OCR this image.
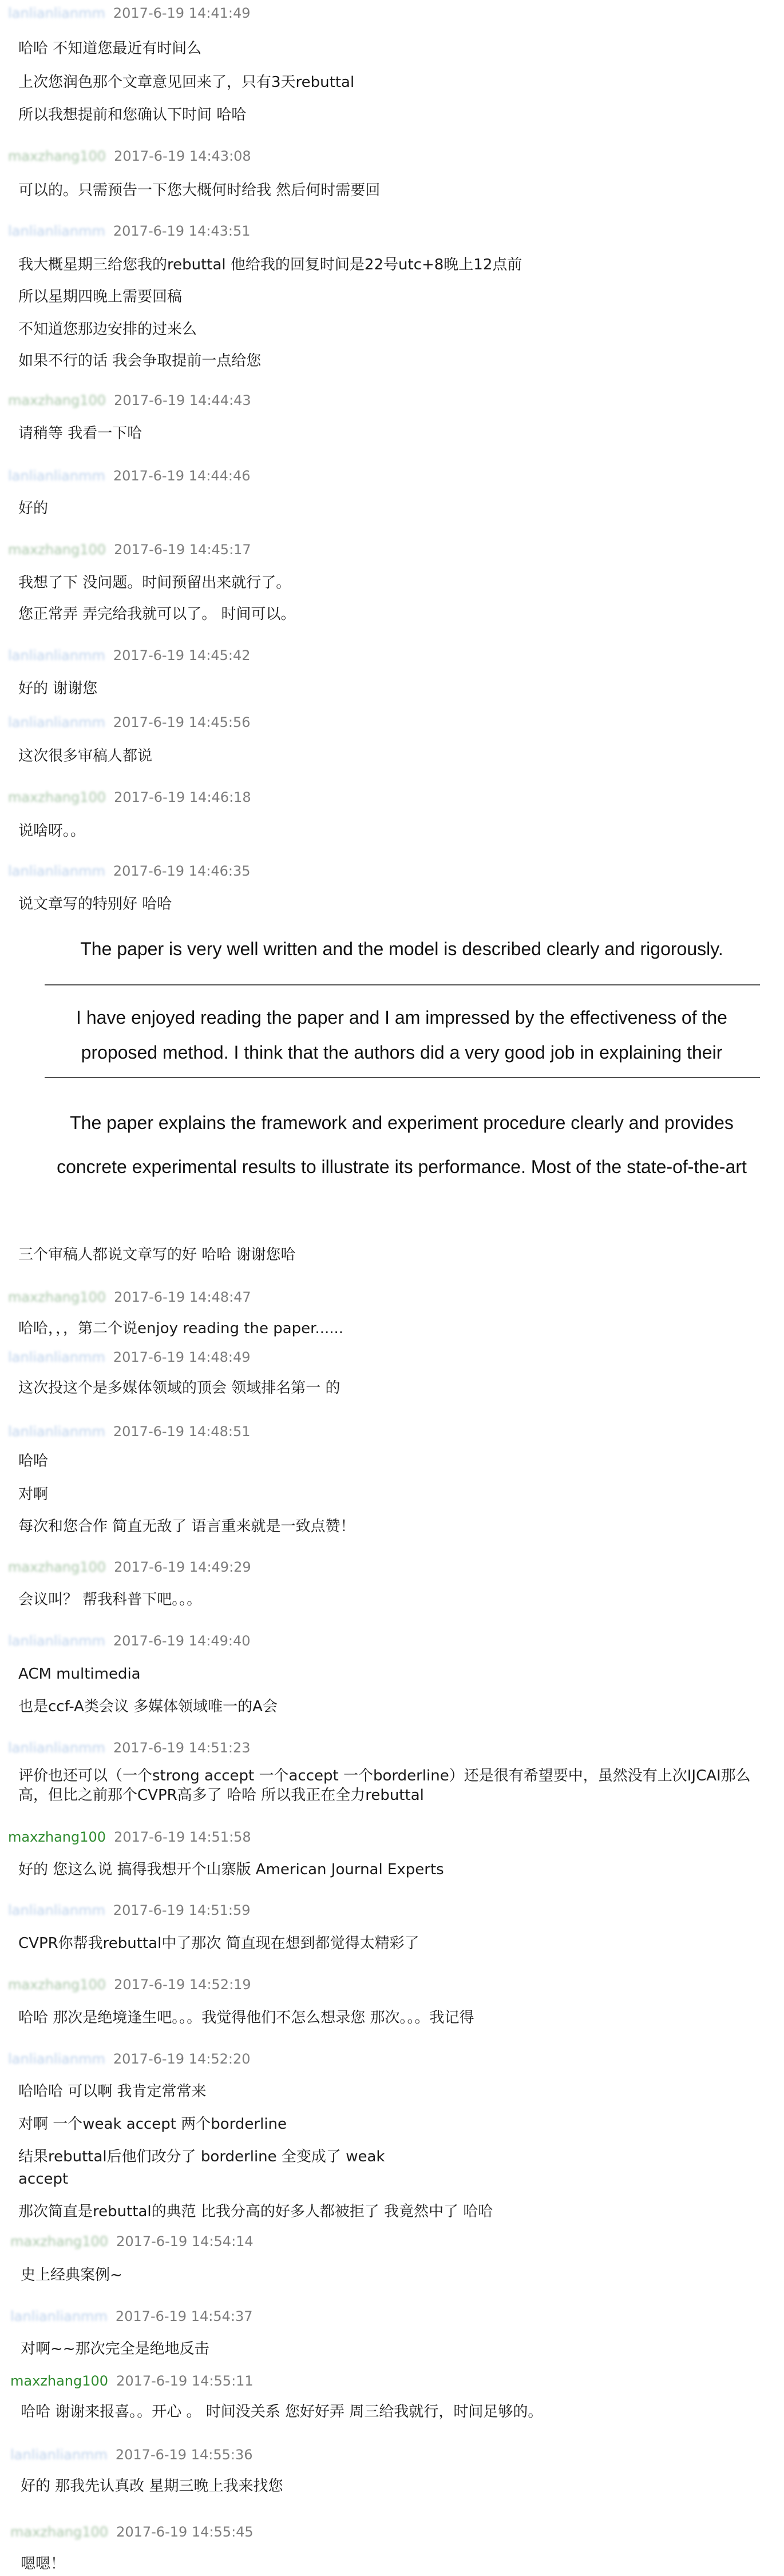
lanlianlianmm 2017-6-19 14:41:49
哈哈 不知道您最近有时间么
上次您润色那个文章意见回来了，只有3天rebuttal
所以我想提前和您确认下时间 哈哈
maxzhang100 2017-6-19 14:43:08
可以的。只需预告一下您大概何时给我 然后何时需要回
lanlianlianmm 2017-6-19 14:43:51
我大概星期三给您我的rebuttal 他给我的回复时间是22号utc+8晚上12点前
所以星期四晚上需要回稿
不知道您那边安排的过来么
如果不行的话 我会争取提前一点给您
maxzhang100 2017-6-19 14:44:43
请稍等 我看一下哈
lanlianlianmm 2017-6-19 14:44:46
好的
maxzhang100 2017-6-19 14:45:17
我想了下 没问题。时间预留出来就行了。
您正常弄 弄完给我就可以了。 时间可以。
lanlianlianmm 2017-6-19 14:45:42
好的 谢谢您
lanlianlianmm 2017-6-19 14:45:56
这次很多审稿人都说
maxzhang100 2017-6-19 14:46:18
说啥呀。。
lanlianlianmm 2017-6-19 14:46:35
说文章写的特别好 哈哈
三个审稿人都说文章写的好 哈哈 谢谢您哈
maxzhang100 2017-6-19 14:48:47
哈哈，，，第二个说enjoy reading the paper......
lanlianlianmm 2017-6-19 14:48:49
这次投这个是多媒体领域的顶会 领域排名第一 的
lanlianlianmm 2017-6-19 14:48:51
哈哈
对啊
每次和您合作 简直无敌了 语言重来就是一致点赞！
maxzhang100 2017-6-19 14:49:29
会议叫？ 帮我科普下吧。。。
lanlianlianmm 2017-6-19 14:49:40
ACM multimedia
也是ccf-A类会议 多媒体领域唯一的A会
lanlianlianmm 2017-6-19 14:51:23
评价也还可以（一个strong accept 一个accept 一个borderline）还是很有希望要中，虽然没有上次IJCAI那么高，但比之前那个CVPR高多了 哈哈 所以我正在全力rebuttal
maxzhang100 2017-6-19 14:51:58
好的 您这么说 搞得我想开个山寨版 American Journal Experts
lanlianlianmm 2017-6-19 14:51:59
CVPR你帮我rebuttal中了那次 简直现在想到都觉得太精彩了
maxzhang100 2017-6-19 14:52:19
哈哈 那次是绝境逢生吧。。。我觉得他们不怎么想录您 那次。。。我记得
lanlianlianmm 2017-6-19 14:52:20
哈哈哈 可以啊 我肯定常常来
对啊 一个weak accept 两个borderline
结果rebuttal后他们改分了 borderline 全变成了 weak
accept
那次简直是rebuttal的典范 比我分高的好多人都被拒了 我竟然中了 哈哈
maxzhang100 2017-6-19 14:54:14
史上经典案例~
lanlianlianmm 2017-6-19 14:54:37
对啊~~那次完全是绝地反击
maxzhang100 2017-6-19 14:55:11
哈哈 谢谢来报喜。。开心 。 时间没关系 您好好弄 周三给我就行，时间足够的。
lanlianlianmm 2017-6-19 14:55:36
好的 那我先认真改 星期三晚上我来找您
maxzhang100 2017-6-19 14:55:45
嗯嗯！
The paper is very well written and the model is described clearly and rigorously.
I have enjoyed reading the paper and I am impressed by the effectiveness of the
proposed method. I think that the authors did a very good job in explaining their
The paper explains the framework and experiment procedure clearly and provides
concrete experimental results to illustrate its performance. Most of the state-of-the-art
